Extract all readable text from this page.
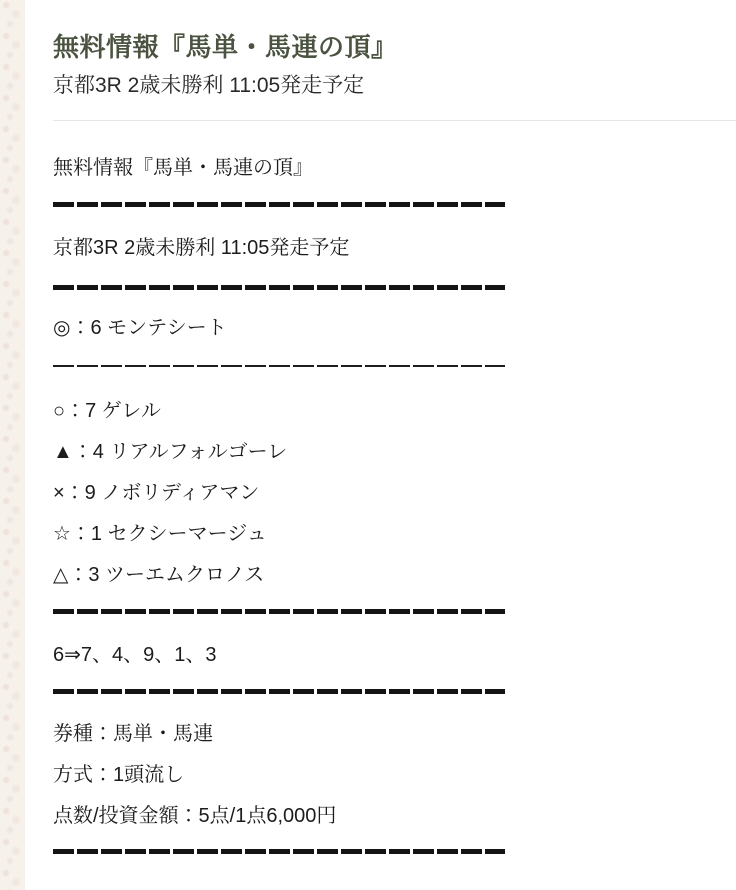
無料情報『馬単・馬連の頂』

京都3R 2歳未勝利 11:05発走予定

無料情報『馬単・馬連の頂』

京都3R 2歳未勝利 11:05発走予定

◎：6 モンテシート

○：7 ゲレル

▲：4 リアルフォルゴーレ

×：9 ノボリディアマン

☆：1 セクシーマージュ

△：3 ツーエムクロノス

6⇒7、4、9、1、3

券種：馬単・馬連

方式：1頭流し

点数/投資金額：5点/1点6,000円
